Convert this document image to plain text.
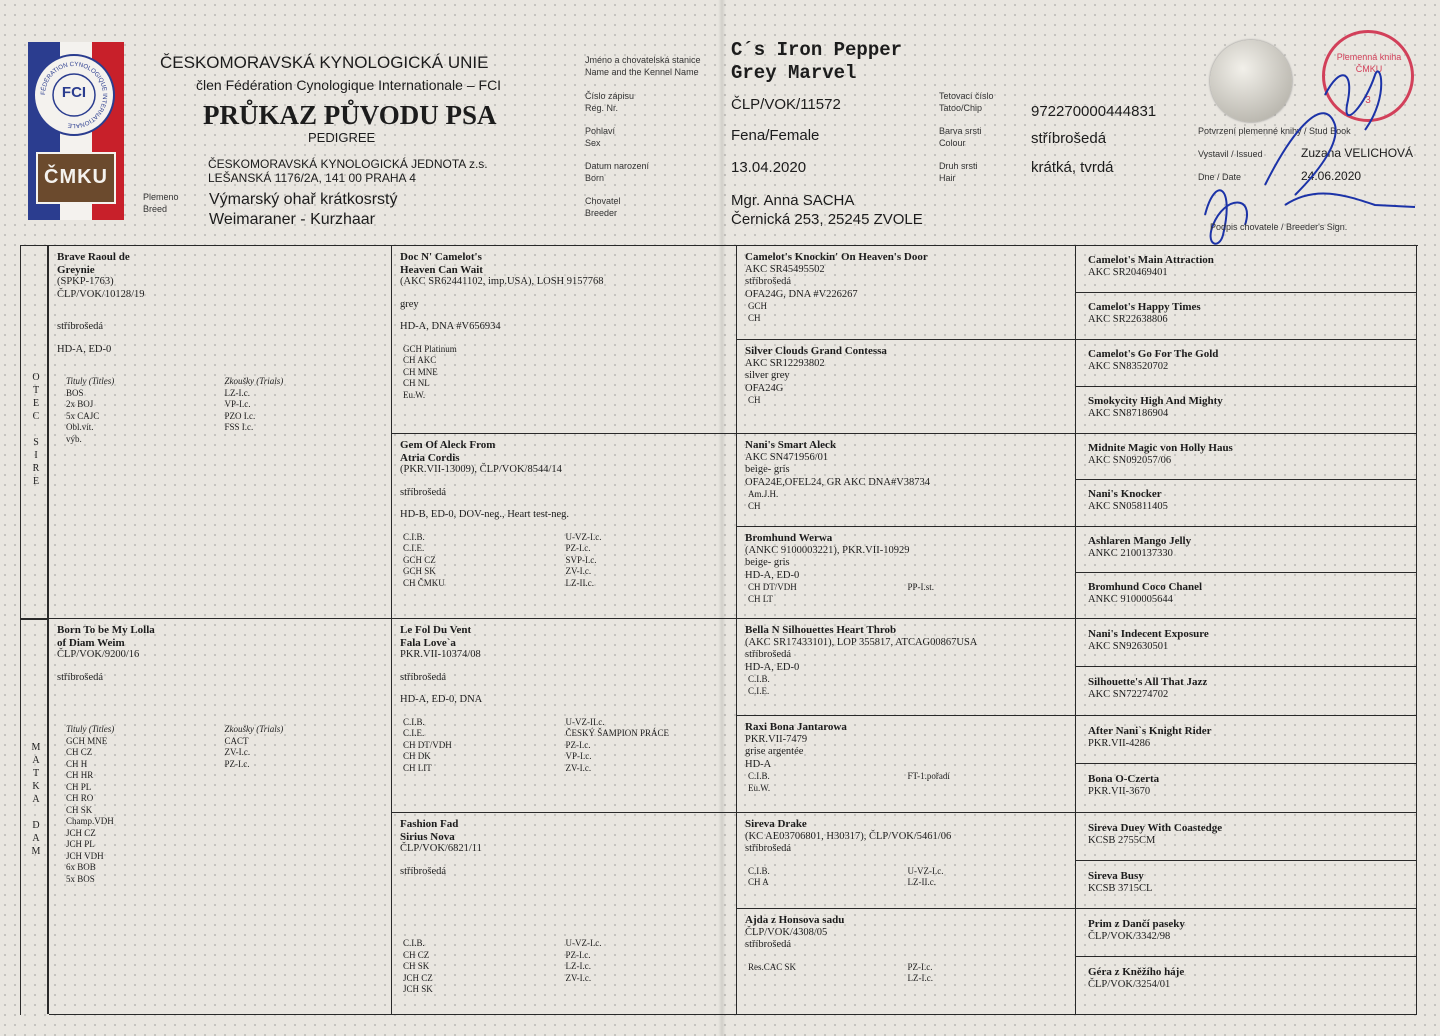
FÉDÉRATION CYNOLOGIQUE INTERNATIONALE
FCI
ČMKU
ČESKOMORAVSKÁ KYNOLOGICKÁ UNIE
člen Fédération Cynologique Internationale – FCI
PRŮKAZ PŮVODU PSA
PEDIGREE
ČESKOMORAVSKÁ KYNOLOGICKÁ JEDNOTA z.s.
LEŠANSKÁ 1176/2A, 141 00 PRAHA 4
Plemeno
Breed
Výmarský ohař krátkosrstý
Weimaraner - Kurzhaar
Jméno a chovatelská stanice
Name and the Kennel Name
Číslo zápisu
Reg. Nr.
Pohlaví
Sex
Datum narození
Born
Chovatel
Breeder
C´s Iron Pepper
Grey Marvel
ČLP/VOK/11572
Fena/Female
13.04.2020
Mgr. Anna SACHA
Černická 253, 25245 ZVOLE
Tetovací číslo
Tatoo/Chip
Barva srsti
Colour
Druh srsti
Hair
972270000444831
stříbrošedá
krátká, tvrdá
Plemenná kniha ČMKU
3
Potvrzení plemenné knihy / Stud Book
Vystavil / Issued	Zuzana VELICHOVÁ
Dne / Date	24.06.2020
Podpis chovatele / Breeder's Sign.
O
T
E
C

S
I
R
E
M
A
T
K
A

D
A
M
Brave Raoul de
Greynie
(SPKP-1763)
ČLP/VOK/10128/19
stříbrošedá
HD-A, ED-0
Tituly (Titles)
BOS
2x BOJ
5x CAJC
Obl.vít.
výb.
Zkoušky (Trials)
LZ-I.c.
VP-I.c.
PZO I.c.
FSS I.c.
Born To be My Lolla
of Diam Weim
ČLP/VOK/9200/16
stříbrošedá
Tituly (Titles)
GCH MNE
CH CZ
CH H
CH HR
CH PL
CH RO
CH SK
Champ.VDH
JCH CZ
JCH PL
JCH VDH
6x BOB
5x BOS
Zkoušky (Trials)
CACT
ZV-I.c.
PZ-I.c.
Doc N' Camelot's
Heaven Can Wait
(AKC SR62441102, imp.USA), LOSH 9157768
grey
HD-A, DNA #V656934
GCH Platinum
CH AKC
CH MNE
CH NL
Eu.W.
Gem Of Aleck From
Atria Cordis
(PKR.VII-13009), ČLP/VOK/8544/14
stříbrošedá
HD-B, ED-0, DOV-neg., Heart test-neg.
C.I.B.
C.I.E.
GCH CZ
GCH SK
CH ČMKU
U-VZ-I.c.
PZ-I.c.
SVP-I.c.
ZV-I.c.
LZ-II.c.
Le Fol Du Vent
Fala Love`a
PKR.VII-10374/08
stříbrošedá
HD-A, ED-0, DNA
C.I.B.
C.I.E.
CH DT/VDH
CH DK
CH LIT
U-VZ-II.c.
ČESKÝ ŠAMPION PRÁCE
PZ-I.c.
VP-I.c.
ZV-I.c.
Fashion Fad
Sirius Nova
ČLP/VOK/6821/11
stříbrošedá
C.I.B.
CH CZ
CH SK
JCH CZ
JCH SK
U-VZ-I.c.
PZ-I.c.
LZ-I.c.
ZV-I.c.
Camelot's Knockin' On Heaven's Door
AKC SR45495502
stříbrošedá
OFA24G, DNA #V226267
GCH
CH
Silver Clouds Grand Contessa
AKC SR12293802
silver grey
OFA24G
CH
Nani's Smart Aleck
AKC SN471956/01
beige- gris
OFA24E,OFEL24, GR AKC DNA#V38734
Am.J.H.
CH
Bromhund Werwa
(ANKC 9100003221), PKR.VII-10929
beige- gris
HD-A, ED-0
CH DT/VDH
CH LT
PP-I.st.
Bella N Silhouettes Heart Throb
(AKC SR17433101), LOP 355817, ATCAG00867USA
stříbrošedá
HD-A, ED-0
C.I.B.
C.I.E.
Raxi Bona Jantarowa
PKR.VII-7479
grise argentée
HD-A
C.I.B.
Eu.W.
FT-1.pořadí
Sireva Drake
(KC AE03706801, H30317), ČLP/VOK/5461/06
stříbrošedá
C.I.B.
CH A
U-VZ-I.c.
LZ-II.c.
Ajda z Honsova sadu
ČLP/VOK/4308/05
stříbrošedá
Res.CAC SK	PZ-I.c.
LZ-I.c.
Camelot's Main Attraction
AKC SR20469401
Camelot's Happy Times
AKC SR22638806
Camelot's Go For The Gold
AKC SN83520702
Smokycity High And Mighty
AKC SN87186904
Midnite Magic von Holly Haus
AKC SN092057/06
Nani's Knocker
AKC SN05811405
Ashlaren Mango Jelly
ANKC 2100137330
Bromhund Coco Chanel
ANKC 9100005644
Nani's Indecent Exposure
AKC SN92630501
Silhouette's All That Jazz
AKC SN72274702
After Nani`s Knight Rider
PKR.VII-4286
Bona O-Czerta
PKR.VII-3670
Sireva Duey With Coastedge
KCSB 2755CM
Sireva Busy
KCSB 3715CL
Prim z Dančí paseky
ČLP/VOK/3342/98
Géra z Kněžího háje
ČLP/VOK/3254/01
